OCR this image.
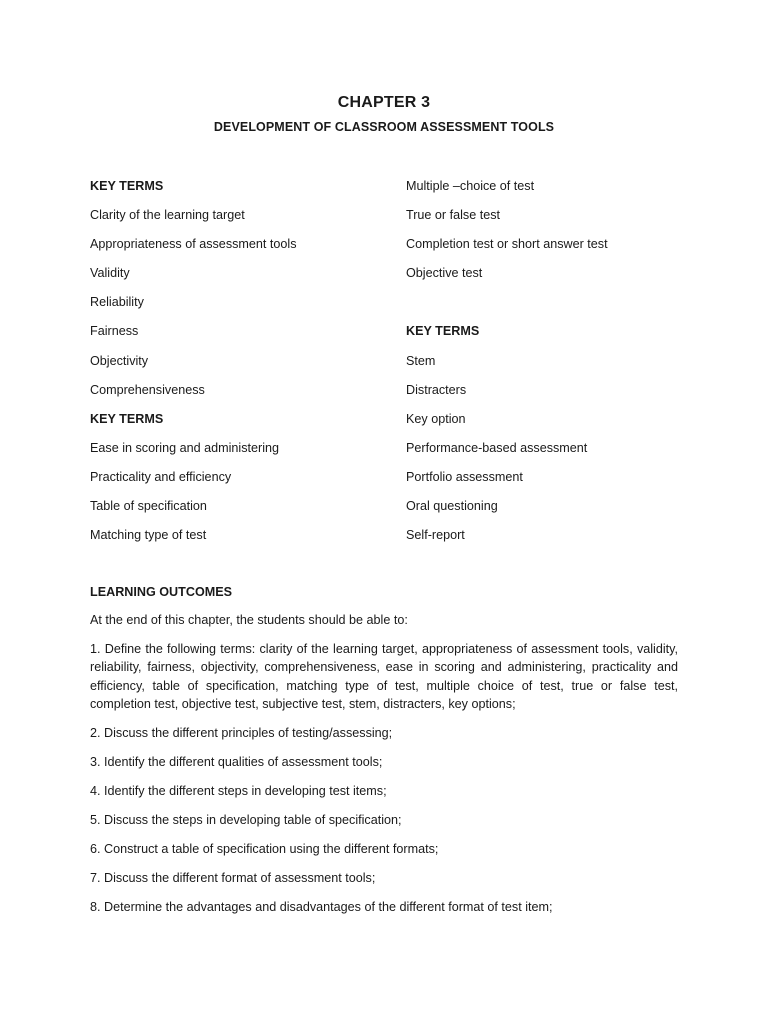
CHAPTER 3
DEVELOPMENT OF CLASSROOM ASSESSMENT TOOLS
KEY TERMS
Clarity of the learning target
Appropriateness of assessment tools
Validity
Reliability
Fairness
Objectivity
Comprehensiveness
KEY TERMS
Ease in scoring and administering
Practicality and efficiency
Table of specification
Matching type of test
Multiple –choice of test
True or false test
Completion test or short answer test
Objective test
KEY TERMS
Stem
Distracters
Key option
Performance-based assessment
Portfolio assessment
Oral questioning
Self-report
LEARNING OUTCOMES
At the end of this chapter, the students should be able to:
1. Define the following terms: clarity of the learning target, appropriateness of assessment tools, validity, reliability, fairness, objectivity, comprehensiveness, ease in scoring and administering, practicality and efficiency, table of specification, matching type of test, multiple choice of test, true or false test, completion test, objective test, subjective test, stem, distracters, key options;
2. Discuss the different principles of testing/assessing;
3. Identify the different qualities of assessment tools;
4. Identify the different steps in developing test items;
5. Discuss the steps in developing table of specification;
6. Construct a table of specification using the different formats;
7. Discuss the different format of assessment tools;
8. Determine the advantages and disadvantages of the different format of test item;
